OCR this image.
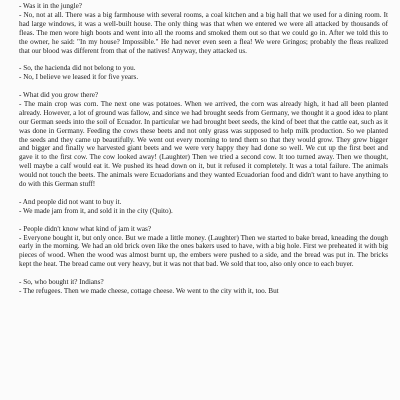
- Was it in the jungle?

- No, not at all. There was a big farmhouse with several rooms, a coal kitchen and a big hall that we used for a dining room. It had large windows, it was a well-built house. The only thing was that when we entered we were all attacked by thousands of fleas. The men wore high boots and went into all the rooms and smoked them out so that we could go in. After we told this to the owner, he said: "In my house? Impossible." He had never even seen a flea! We were Gringos; probably the fleas realized that our blood was different from that of the natives! Anyway, they attacked us.

- So, the hacienda did not belong to you.

- No, I believe we leased it for five years.

- What did you grow there?

- The main crop was corn. The next one was potatoes. When we arrived, the corn was already high, it had all been planted already. However, a lot of ground was fallow, and since we had brought seeds from Germany, we thought it a good idea to plant our German seeds into the soil of Ecuador. In particular we had brought beet seeds, the kind of beet that the cattle eat, such as it was done in Germany. Feeding the cows these beets and not only grass was supposed to help milk production. So we planted the seeds and they came up beautifully. We went out every morning to tend them so that they would grow. They grew bigger and bigger and finally we harvested giant beets and we were very happy they had done so well. We cut up the first beet and gave it to the first cow. The cow looked away! (Laughter) Then we tried a second cow. It too turned away. Then we thought, well maybe a calf would eat it. We pushed its head down on it, but it refused it completely. It was a total failure. The animals would not touch the beets. The animals were Ecuadorians and they wanted Ecuadorian food and didn't want to have anything to do with this German stuff!

- And people did not want to buy it.

- We made jam from it, and sold it in the city (Quito).

- People didn't know what kind of jam it was?

- Everyone bought it, but only once. But we made a little money. (Laughter) Then we started to bake bread, kneading the dough early in the morning. We had an old brick oven like the ones bakers used to have, with a big hole. First we preheated it with big pieces of wood. When the wood was almost burnt up, the embers were pushed to a side, and the bread was put in. The bricks kept the heat. The bread came out very heavy, but it was not that bad. We sold that too, also only once to each buyer.

- So, who bought it? Indians?

- The refugees. Then we made cheese, cottage cheese. We went to the city with it, too. But
